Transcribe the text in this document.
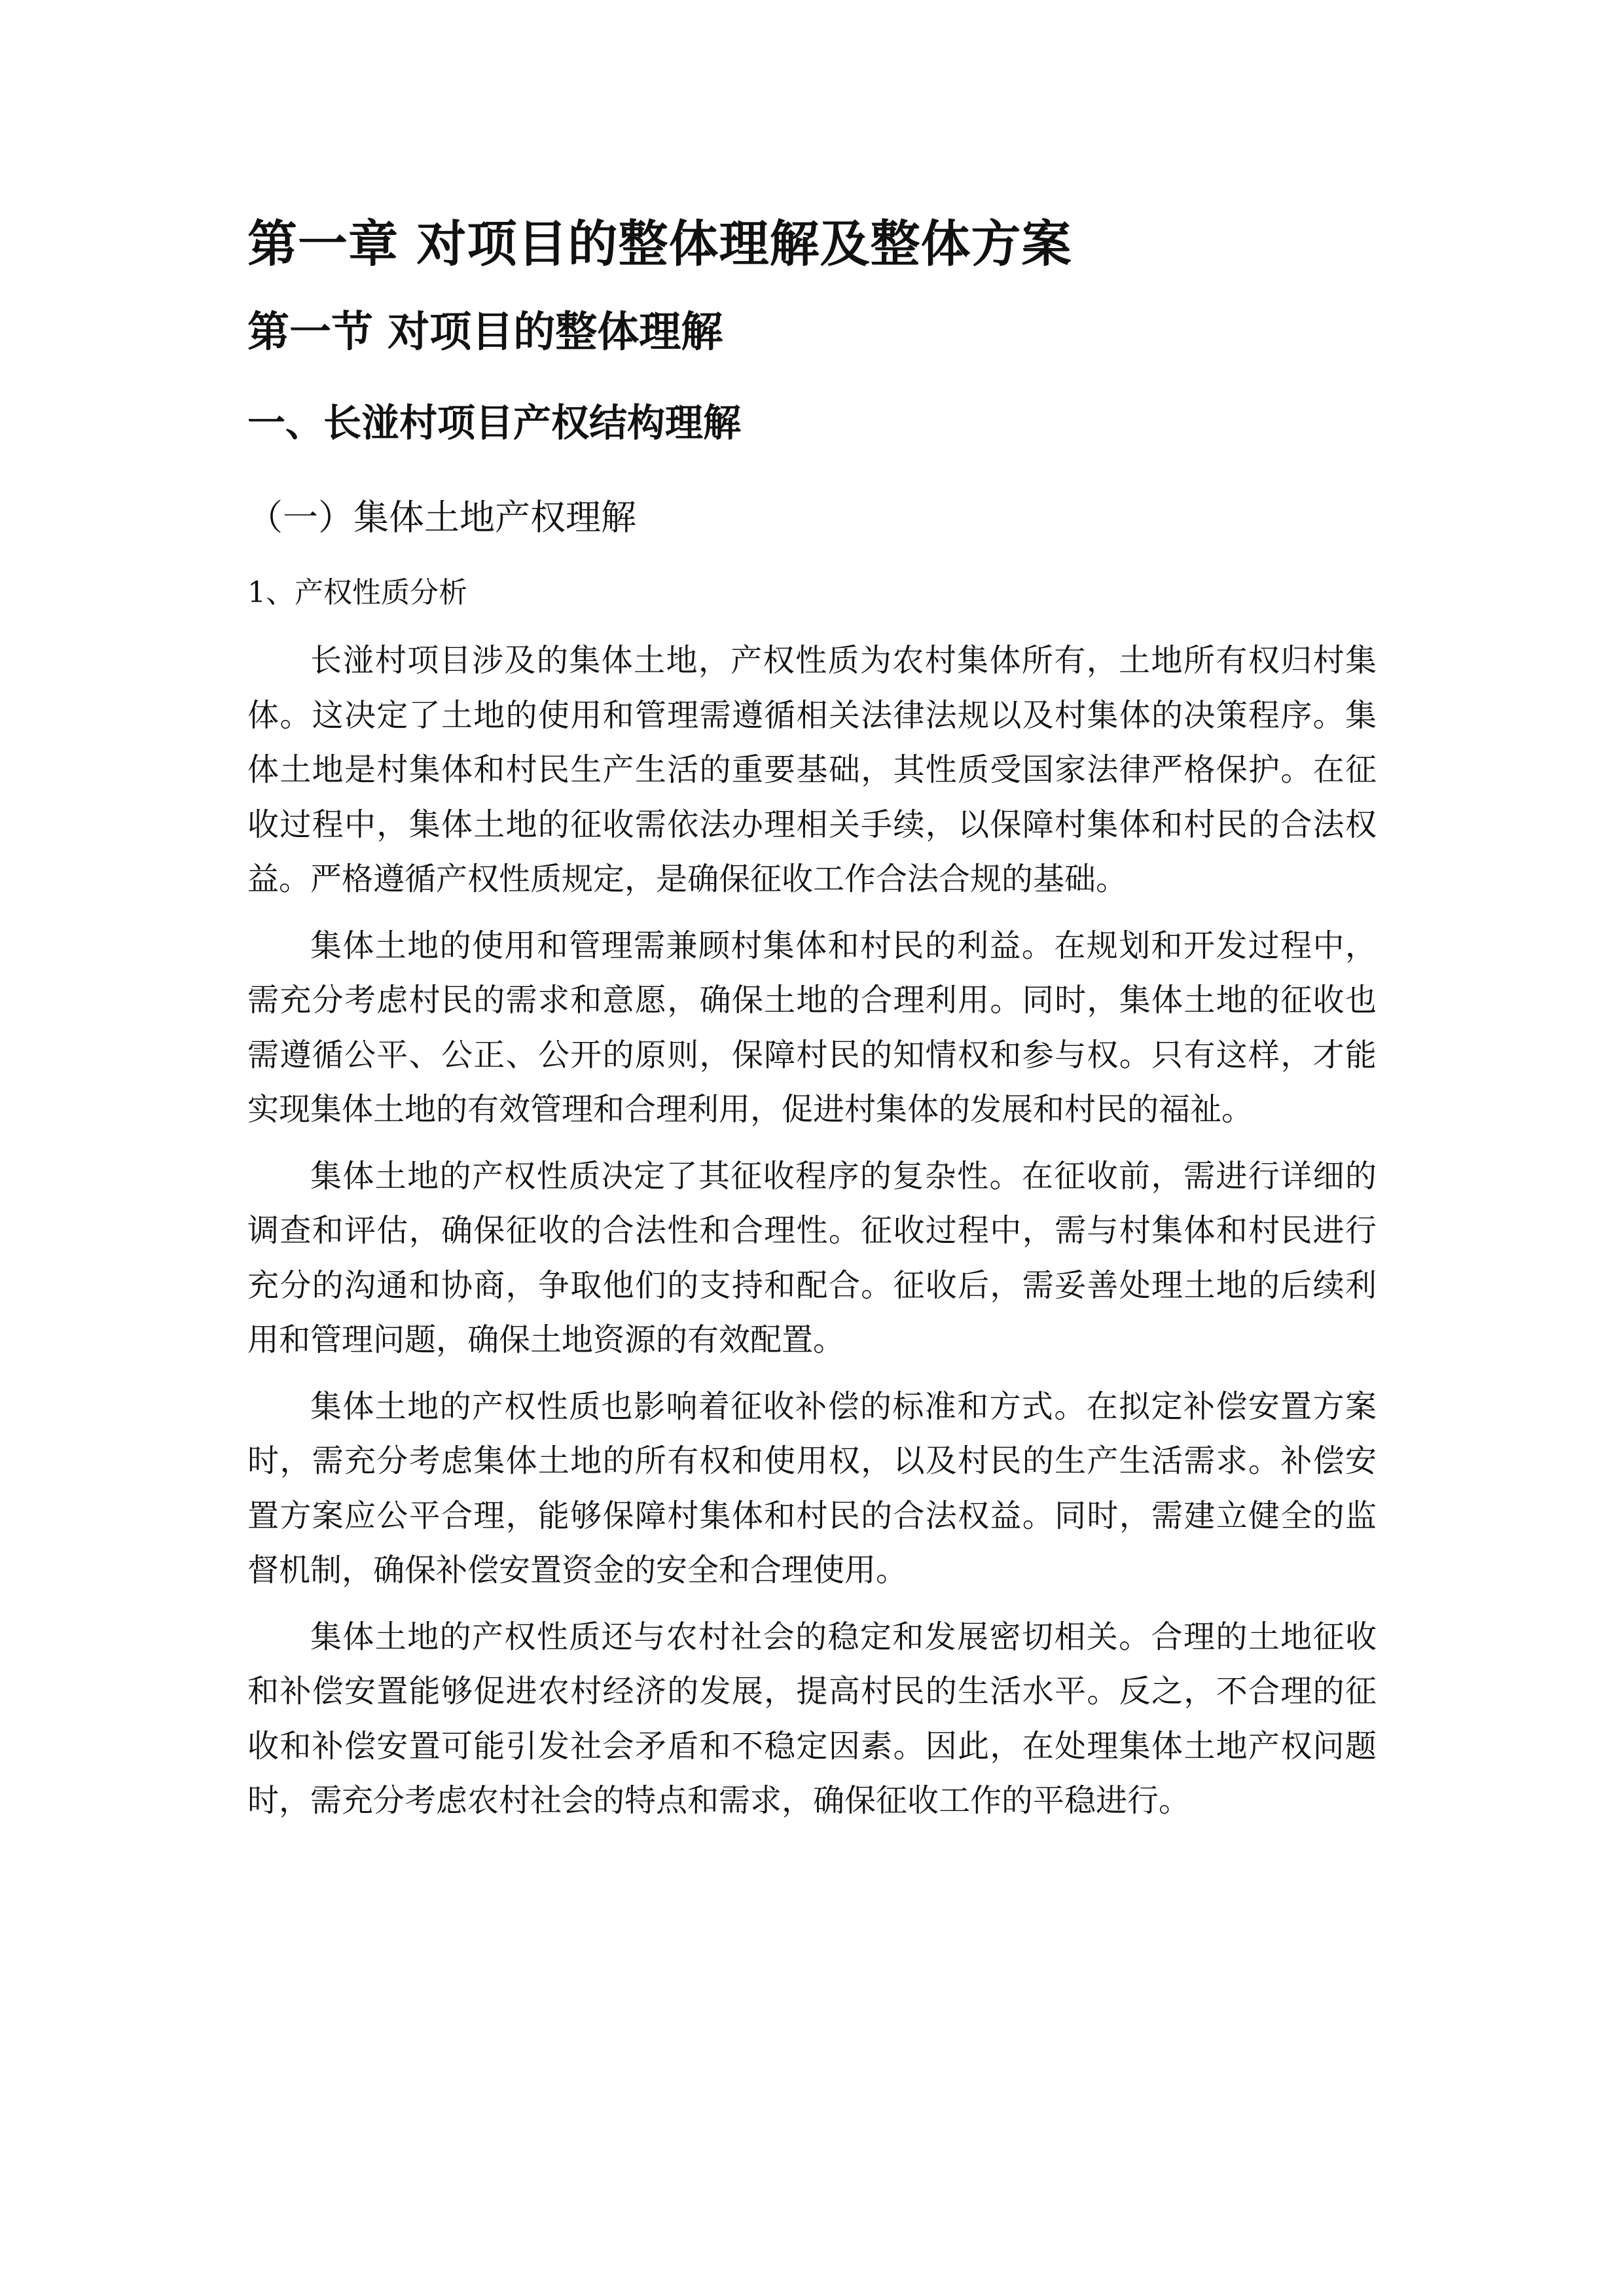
第一章 对项目的整体理解及整体方案
第一节 对项目的整体理解
一、长湴村项目产权结构理解
（一）集体土地产权理解
1、产权性质分析

长湴村项目涉及的集体土地，产权性质为农村集体所有，土地所有权归村集体。这决定了土地的使用和管理需遵循相关法律法规以及村集体的决策程序。集体土地是村集体和村民生产生活的重要基础，其性质受国家法律严格保护。在征收过程中，集体土地的征收需依法办理相关手续，以保障村集体和村民的合法权益。严格遵循产权性质规定，是确保征收工作合法合规的基础。

集体土地的使用和管理需兼顾村集体和村民的利益。在规划和开发过程中，需充分考虑村民的需求和意愿，确保土地的合理利用。同时，集体土地的征收也需遵循公平、公正、公开的原则，保障村民的知情权和参与权。只有这样，才能实现集体土地的有效管理和合理利用，促进村集体的发展和村民的福祉。

集体土地的产权性质决定了其征收程序的复杂性。在征收前，需进行详细的调查和评估，确保征收的合法性和合理性。征收过程中，需与村集体和村民进行充分的沟通和协商，争取他们的支持和配合。征收后，需妥善处理土地的后续利用和管理问题，确保土地资源的有效配置。

集体土地的产权性质也影响着征收补偿的标准和方式。在拟定补偿安置方案时，需充分考虑集体土地的所有权和使用权，以及村民的生产生活需求。补偿安置方案应公平合理，能够保障村集体和村民的合法权益。同时，需建立健全的监督机制，确保补偿安置资金的安全和合理使用。

集体土地的产权性质还与农村社会的稳定和发展密切相关。合理的土地征收和补偿安置能够促进农村经济的发展，提高村民的生活水平。反之，不合理的征收和补偿安置可能引发社会矛盾和不稳定因素。因此，在处理集体土地产权问题时，需充分考虑农村社会的特点和需求，确保征收工作的平稳进行。
